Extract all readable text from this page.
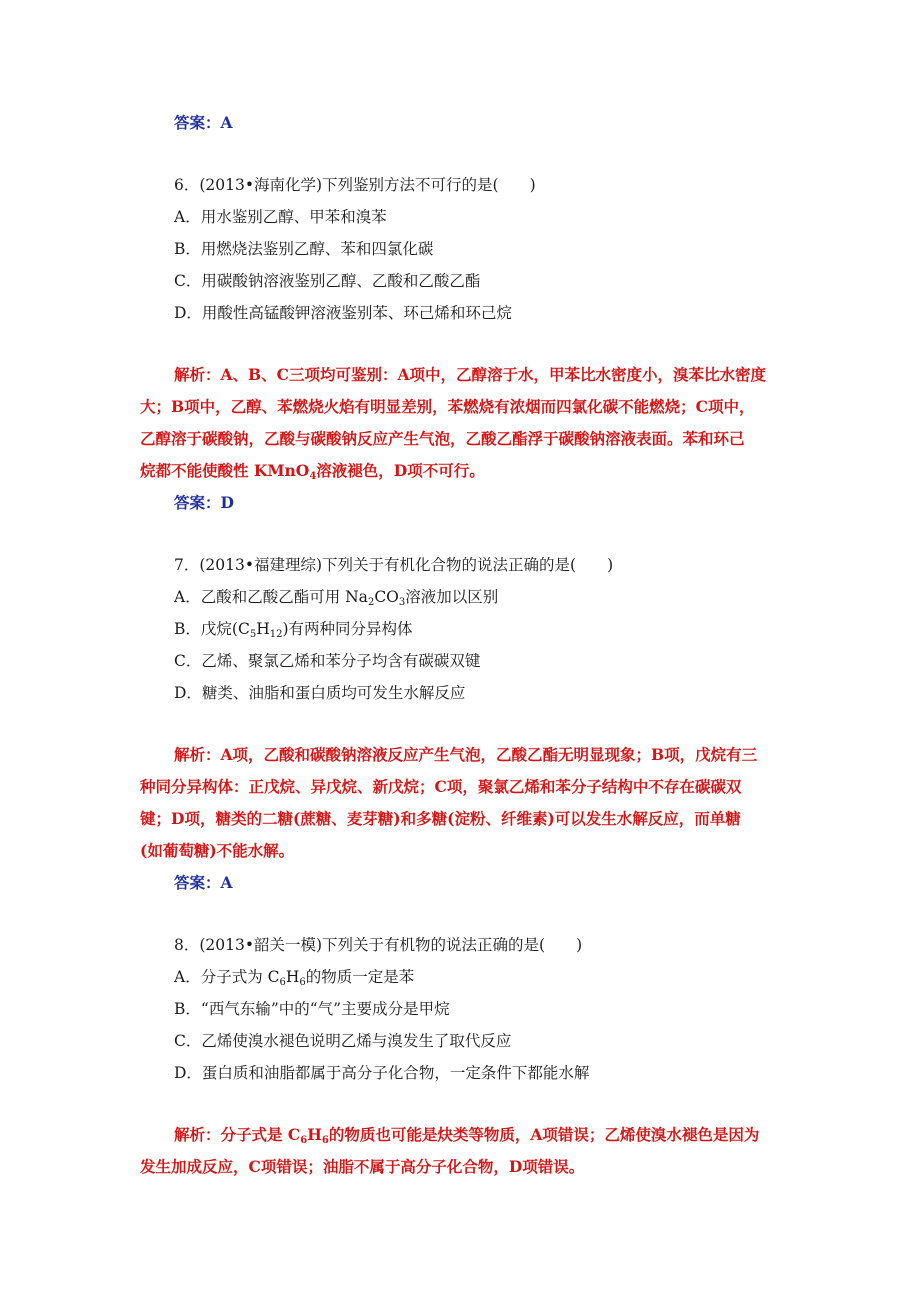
答案：A
6．(2013•海南化学)下列鉴别方法不可行的是(　　)
A．用水鉴别乙醇、甲苯和溴苯
B．用燃烧法鉴别乙醇、苯和四氯化碳
C．用碳酸钠溶液鉴别乙醇、乙酸和乙酸乙酯
D．用酸性高锰酸钾溶液鉴别苯、环己烯和环己烷
解析：A、B、C三项均可鉴别：A项中，乙醇溶于水，甲苯比水密度小，溴苯比水密度
大；B项中，乙醇、苯燃烧火焰有明显差别，苯燃烧有浓烟而四氯化碳不能燃烧；C项中，
乙醇溶于碳酸钠，乙酸与碳酸钠反应产生气泡，乙酸乙酯浮于碳酸钠溶液表面。苯和环己
烷都不能使酸性 KMnO$_4$溶液褪色，D项不可行。
答案：D
7．(2013•福建理综)下列关于有机化合物的说法正确的是(　　)
A．乙酸和乙酸乙酯可用 $Na_2CO_3$溶液加以区别
B．戊烷$(C_5H_{12})$有两种同分异构体
C．乙烯、聚氯乙烯和苯分子均含有碳碳双键
D．糖类、油脂和蛋白质均可发生水解反应
解析：A项，乙酸和碳酸钠溶液反应产生气泡，乙酸乙酯无明显现象；B项，戊烷有三
种同分异构体：正戊烷、异戊烷、新戊烷；C项，聚氯乙烯和苯分子结构中不存在碳碳双
键；D项，糖类的二糖(蔗糖、麦芽糖)和多糖(淀粉、纤维素)可以发生水解反应，而单糖
(如葡萄糖)不能水解。
答案：A
8．(2013•韶关一模)下列关于有机物的说法正确的是(　　)
A．分子式为 $C_6H_6$的物质一定是苯
B．“西气东输”中的“气”主要成分是甲烷
C．乙烯使溴水褪色说明乙烯与溴发生了取代反应
D．蛋白质和油脂都属于高分子化合物，一定条件下都能水解
解析：分子式是 $C_6H_6$的物质也可能是炔类等物质，A项错误；乙烯使溴水褪色是因为
发生加成反应，C项错误；油脂不属于高分子化合物，D项错误。
